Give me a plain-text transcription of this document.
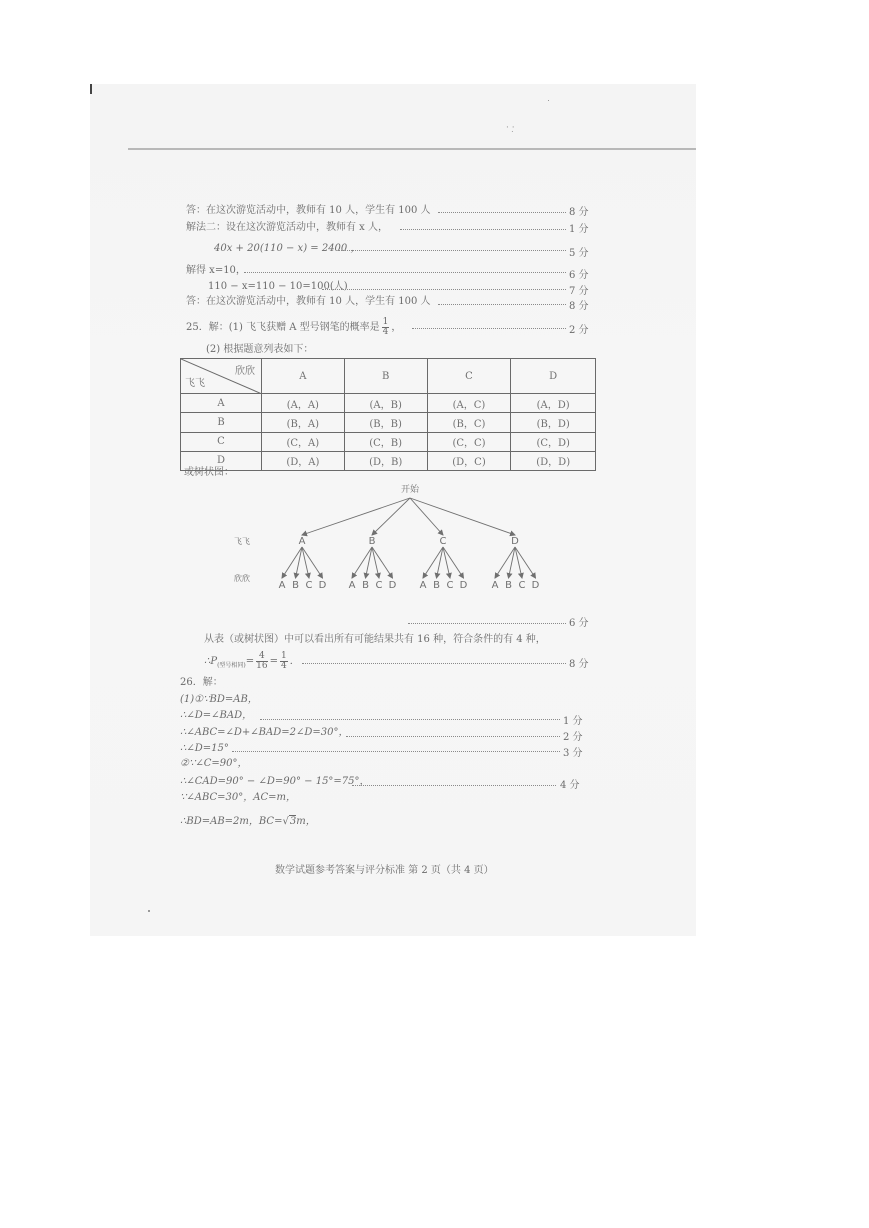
· ·̣
答：在这次游览活动中，教师有 10 人，学生有 100 人	8 分
解法二：设在这次游览活动中，教师有 x 人，	1 分
40x + 20(110 − x) = 2400 ，	5 分
解得 x=10，	6 分
110 − x=110 − 10=100(人)	7 分
答：在这次游览活动中，教师有 10 人，学生有 100 人	8 分
25．解：(1) 飞飞获赠 A 型号钢笔的概率是 $\frac{1}{4}$ ，	2 分
(2) 根据题意列表如下：
欣欣
飞飞	A	B	C	D
A	(A，A)	(A，B)	(A，C)	(A，D)
B	(B，A)	(B，B)	(B，C)	(B，D)
C	(C，A)	(C，B)	(C，C)	(C，D)
D	(D，A)	(D，B)	(D，C)	(D，D)
或树状图：
开始
飞飞
欣欣
A
A B C D
B
A B C D
C
A B C D
D
A B C D
6 分
从表（或树状图）中可以看出所有可能结果共有 16 种，符合条件的有 4 种，
$\therefore P_{(型号相同)}= \frac{4}{16} = \frac{1}{4}$ ．	8 分
26．解：
(1)①∵BD=AB，
∴∠D=∠BAD，
1 分
∴∠ABC=∠D+∠BAD=2∠D=30°，	2 分
∴∠D=15°	3 分
②∵∠C=90°，
∴∠CAD=90° − ∠D=90° − 15°=75°，	4 分
∵∠ABC=30°，AC=m，
∴BD=AB=2m，BC=√3m，
数学试题参考答案与评分标准 第 2 页（共 4 页）
